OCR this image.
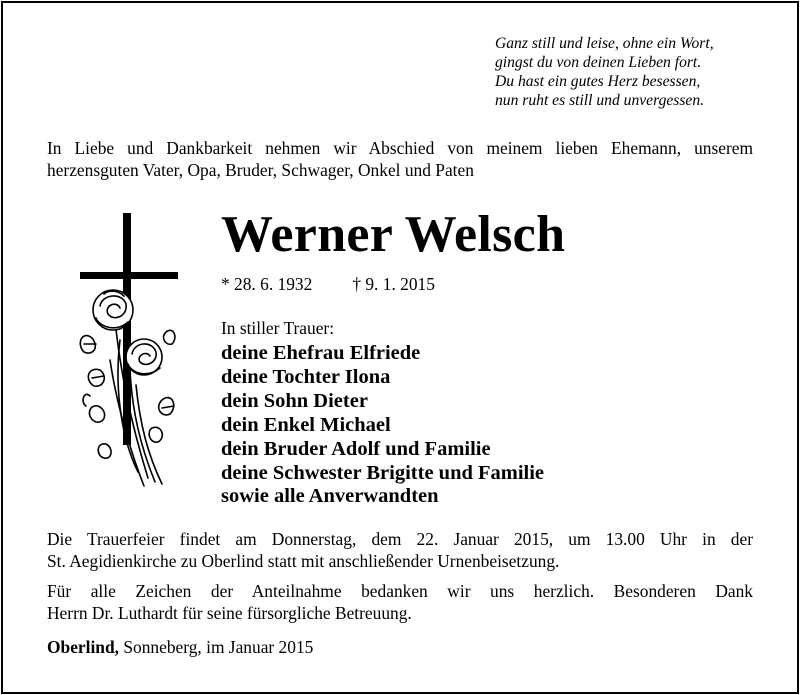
Ganz still und leise, ohne ein Wort,
gingst du von deinen Lieben fort.
Du hast ein gutes Herz besessen,
nun ruht es still und unvergessen.
In Liebe und Dankbarkeit nehmen wir Abschied von meinem lieben Ehemann, unserem
herzensguten Vater, Opa, Bruder, Schwager, Onkel und Paten
Werner Welsch
* 28. 6. 1932 † 9. 1. 2015
In stiller Trauer:
deine Ehefrau Elfriede
deine Tochter Ilona
dein Sohn Dieter
dein Enkel Michael
dein Bruder Adolf und Familie
deine Schwester Brigitte und Familie
sowie alle Anverwandten
Die Trauerfeier findet am Donnerstag, dem 22. Januar 2015, um 13.00 Uhr in der
St. Aegidienkirche zu Oberlind statt mit anschließender Urnenbeisetzung.
Für alle Zeichen der Anteilnahme bedanken wir uns herzlich. Besonderen Dank
Herrn Dr. Luthardt für seine fürsorgliche Betreuung.
Oberlind, Sonneberg, im Januar 2015
